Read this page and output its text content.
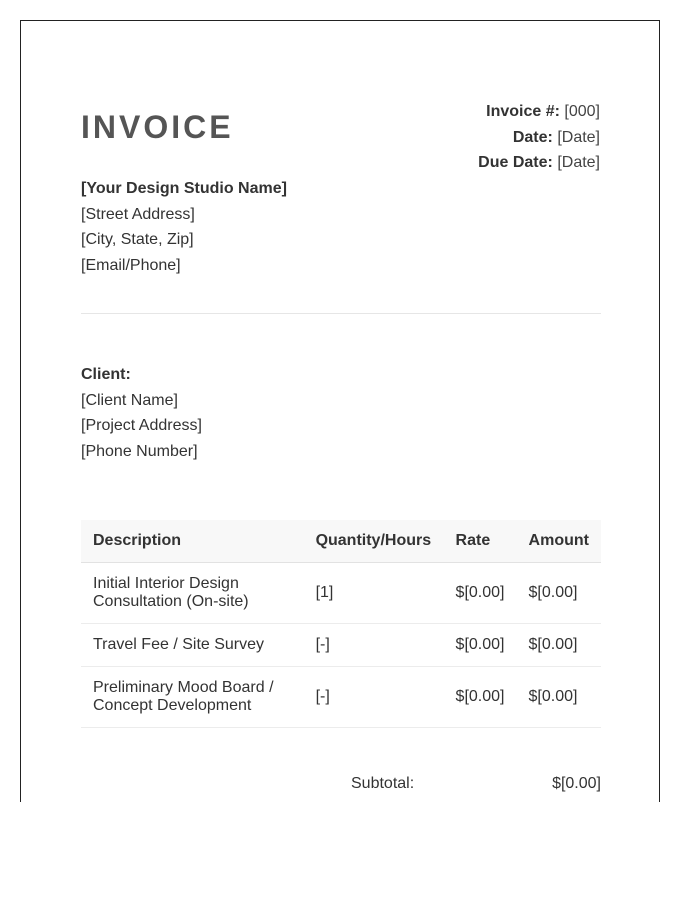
INVOICE	Invoice #: [000]
Date: [Date]
Due Date: [Date]
[Your Design Studio Name]
[Street Address]
[City, State, Zip]
[Email/Phone]
Client:
[Client Name]
[Project Address]
[Phone Number]
Description	Quantity/Hours	Rate	Amount
Initial Interior Design Consultation (On-site)	[1]	$[0.00]	$[0.00]
Travel Fee / Site Survey	[-]	$[0.00]	$[0.00]
Preliminary Mood Board / Concept Development	[-]	$[0.00]	$[0.00]
Subtotal:	$[0.00]
